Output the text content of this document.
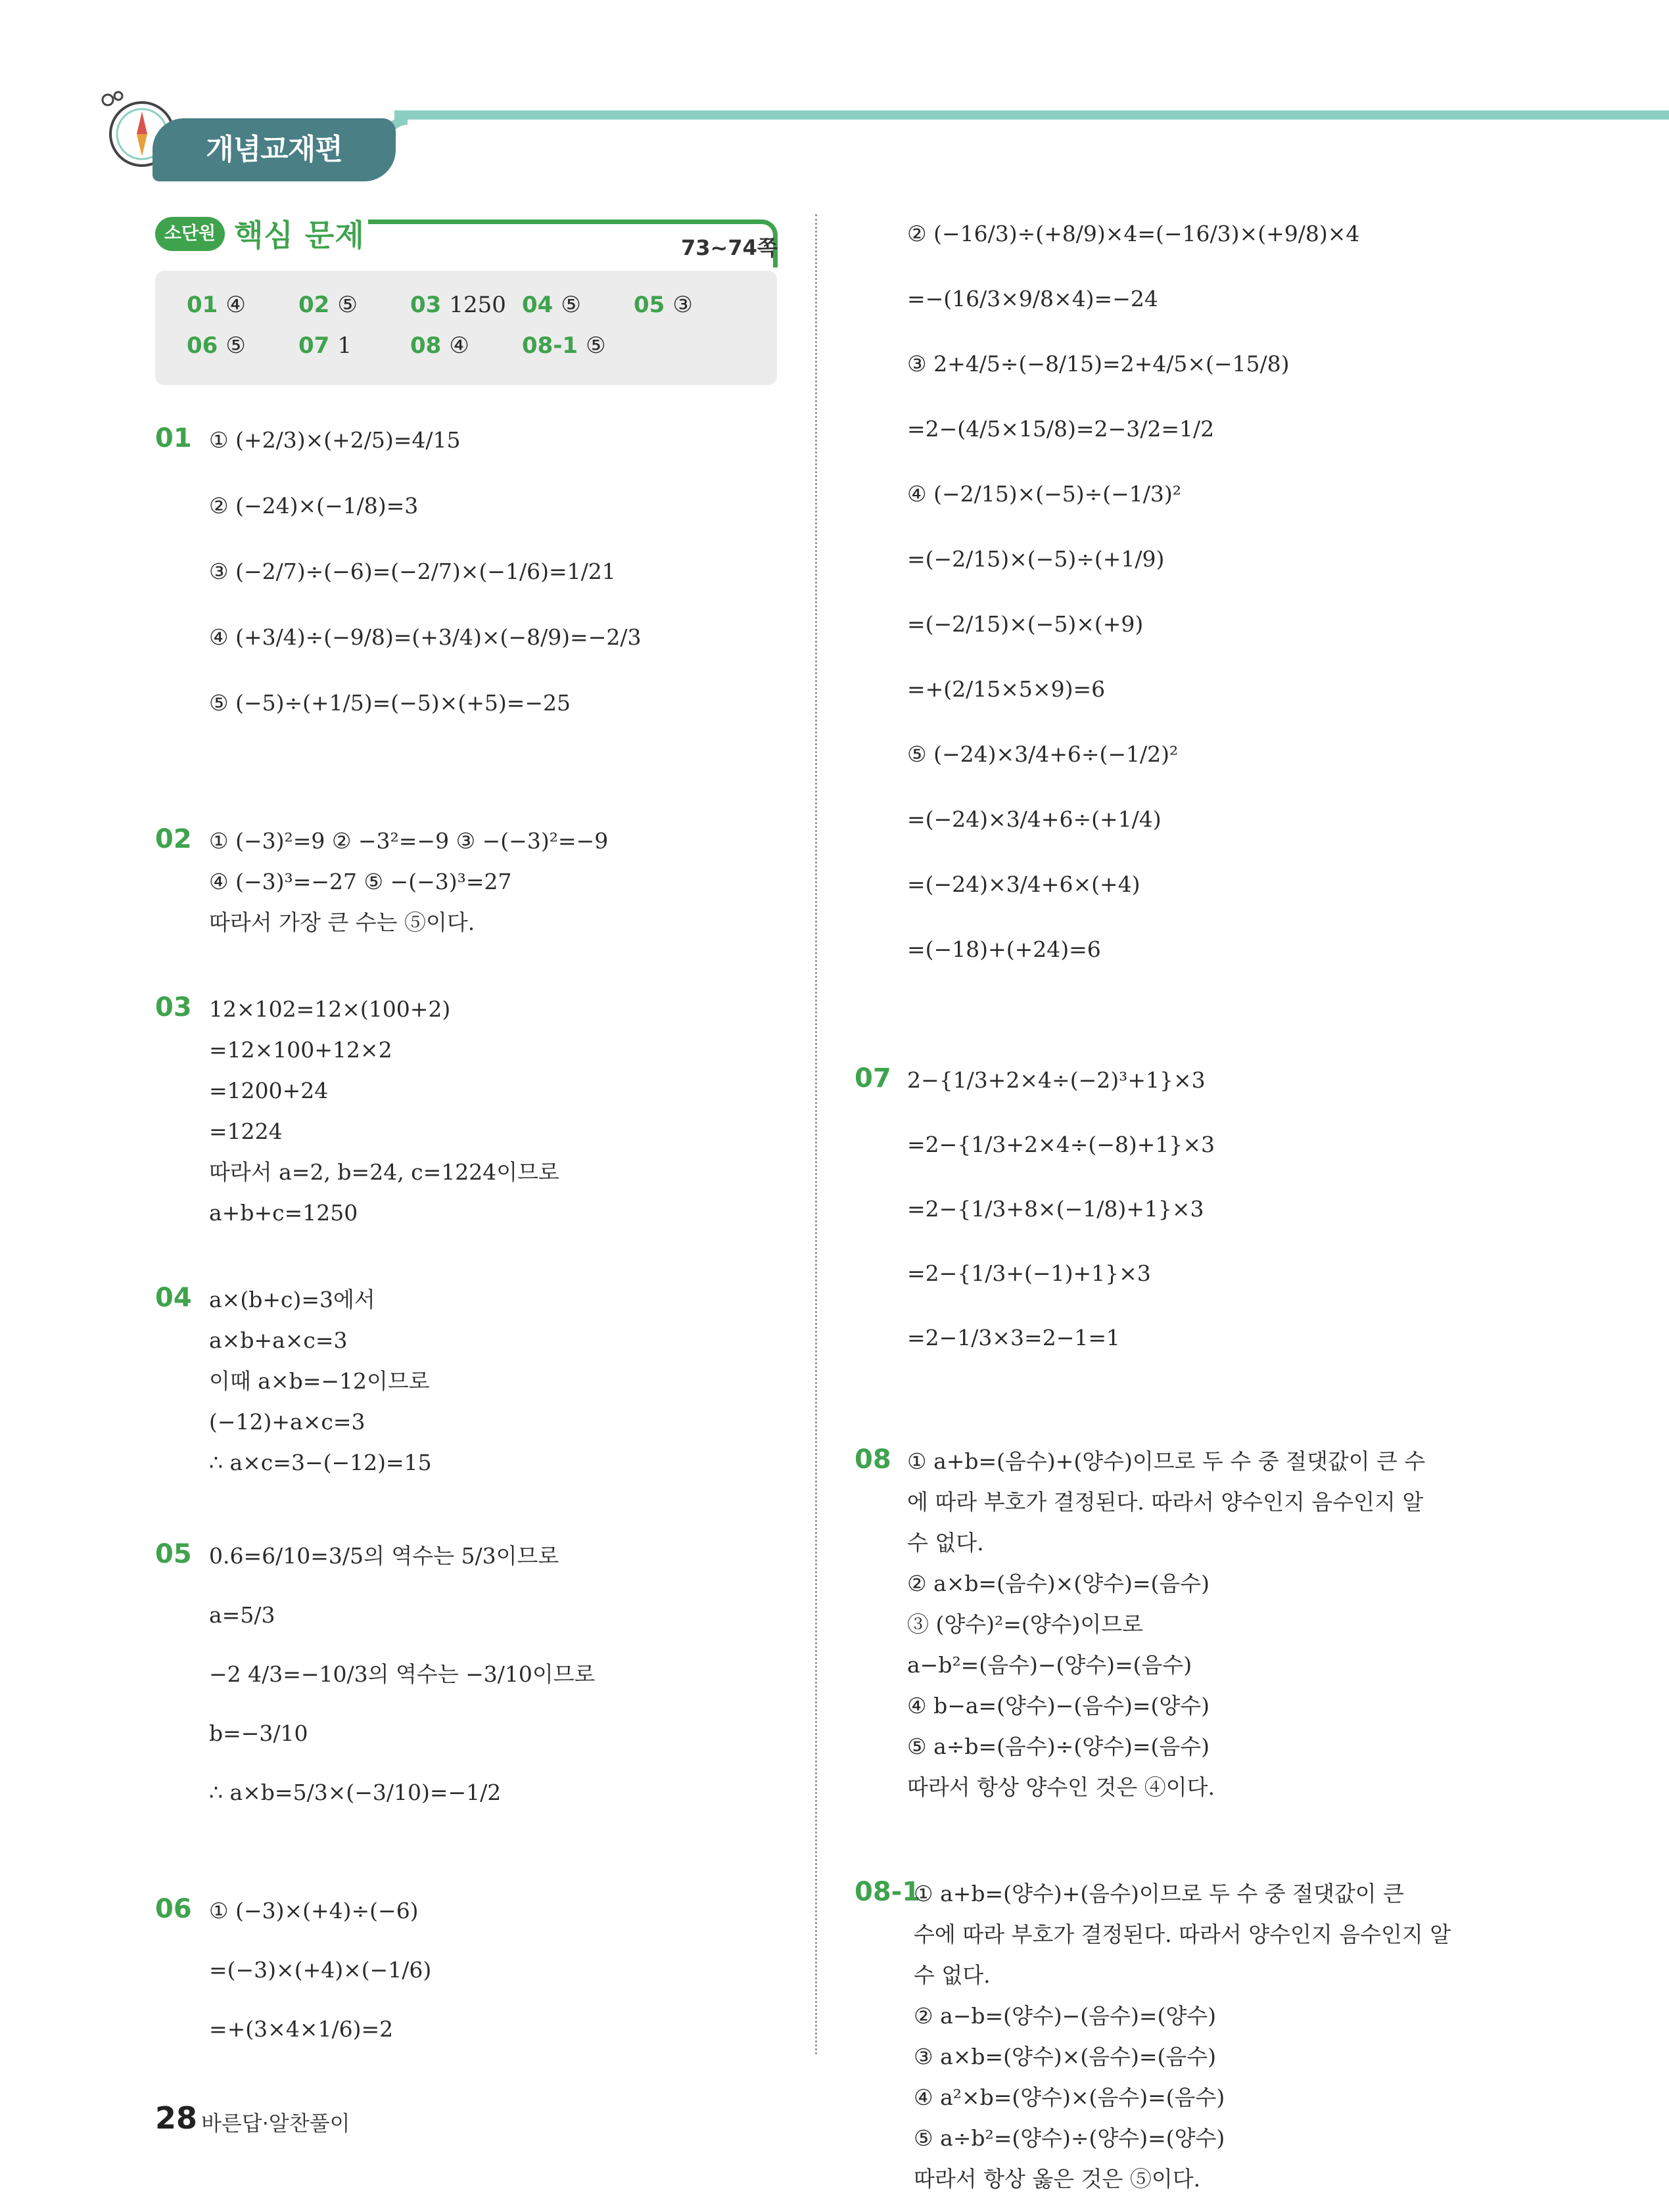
개념교재편
소단원 핵심 문제	73~74쪽
01 ④ 02 ⑤ 03 1250 04 ⑤ 05 ③
06 ⑤ 07 1	08 ④ 08-1 ⑤
01 ① (+2/3)×(+2/5)=4/15
② (−24)×(−1/8)=3
③ (−2/7)÷(−6)=(−2/7)×(−1/6)=1/21
④ (+3/4)÷(−9/8)=(+3/4)×(−8/9)=−2/3
⑤ (−5)÷(+1/5)=(−5)×(+5)=−25
02 ① (−3)²=9 ② −3²=−9 ③ −(−3)²=−9
④ (−3)³=−27 ⑤ −(−3)³=27
따라서 가장 큰 수는 ⑤이다.
03 12×102=12×(100+2)
=12×100+12×2
=1200+24
=1224
따라서 a=2, b=24, c=1224이므로
a+b+c=1250
04 a×(b+c)=3에서
a×b+a×c=3
이때 a×b=−12이므로
(−12)+a×c=3
∴ a×c=3−(−12)=15
05 0.6=6/10=3/5의 역수는 5/3이므로
a=5/3
−2 4/3=−10/3의 역수는 −3/10이므로
b=−3/10
∴ a×b=5/3×(−3/10)=−1/2
06 ① (−3)×(+4)÷(−6)
=(−3)×(+4)×(−1/6)
=+(3×4×1/6)=2
② (−16/3)÷(+8/9)×4=(−16/3)×(+9/8)×4
=−(16/3×9/8×4)=−24
③ 2+4/5÷(−8/15)=2+4/5×(−15/8)
=2−(4/5×15/8)=2−3/2=1/2
④ (−2/15)×(−5)÷(−1/3)²
=(−2/15)×(−5)÷(+1/9)
=(−2/15)×(−5)×(+9)
=+(2/15×5×9)=6
⑤ (−24)×3/4+6÷(−1/2)²
=(−24)×3/4+6÷(+1/4)
=(−24)×3/4+6×(+4)
=(−18)+(+24)=6
07 2−{1/3+2×4÷(−2)³+1}×3
=2−{1/3+2×4÷(−8)+1}×3
=2−{1/3+8×(−1/8)+1}×3
=2−{1/3+(−1)+1}×3
=2−1/3×3=2−1=1
08 ① a+b=(음수)+(양수)이므로 두 수 중 절댓값이 큰 수
에 따라 부호가 결정된다. 따라서 양수인지 음수인지 알
수 없다.
② a×b=(음수)×(양수)=(음수)
③ (양수)²=(양수)이므로
a−b²=(음수)−(양수)=(음수)
④ b−a=(양수)−(음수)=(양수)
⑤ a÷b=(음수)÷(양수)=(음수)
따라서 항상 양수인 것은 ④이다.
08-1
① a+b=(양수)+(음수)이므로 두 수 중 절댓값이 큰
수에 따라 부호가 결정된다. 따라서 양수인지 음수인지 알
수 없다.
② a−b=(양수)−(음수)=(양수)
③ a×b=(양수)×(음수)=(음수)
④ a²×b=(양수)×(음수)=(음수)
⑤ a÷b²=(양수)÷(양수)=(양수)
따라서 항상 옳은 것은 ⑤이다.
28 바른답·알찬풀이
